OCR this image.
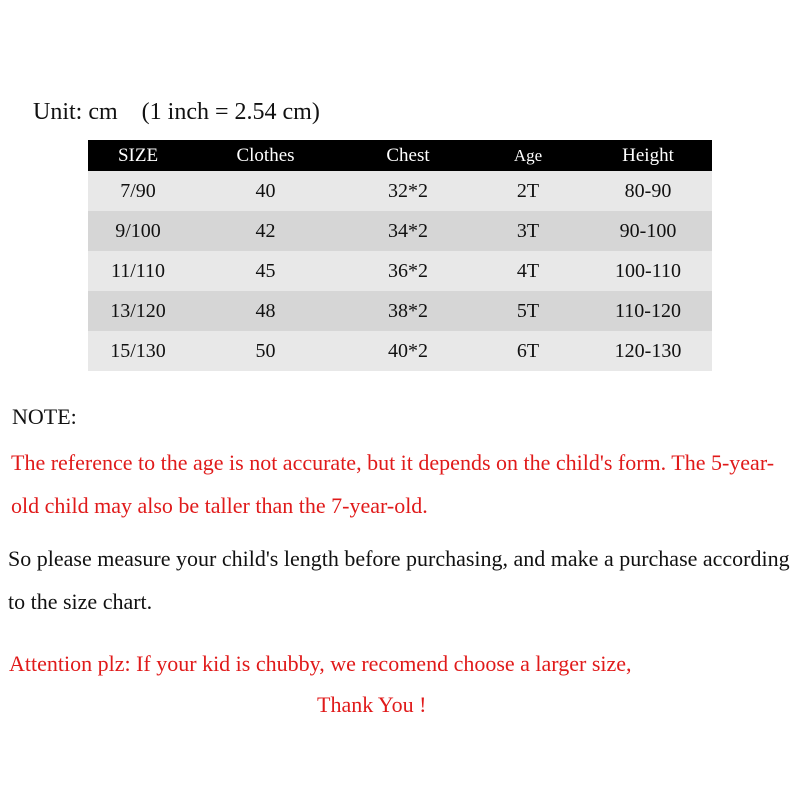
Unit: cm    (1 inch = 2.54 cm)
SIZE	Clothes	Chest	Age	Height
7/90	40	32*2	2T	80-90
9/100	42	34*2	3T	90-100
11/110	45	36*2	4T	100-110
13/120	48	38*2	5T	110-120
15/130	50	40*2	6T	120-130
NOTE:
The reference to the age is not accurate, but it depends on the child's form. The 5-year-old child may also be taller than the 7-year-old.
So please measure your child's length before purchasing, and make a purchase according to the size chart.
Attention plz: If your kid is chubby, we recomend choose a larger size,
Thank You !
